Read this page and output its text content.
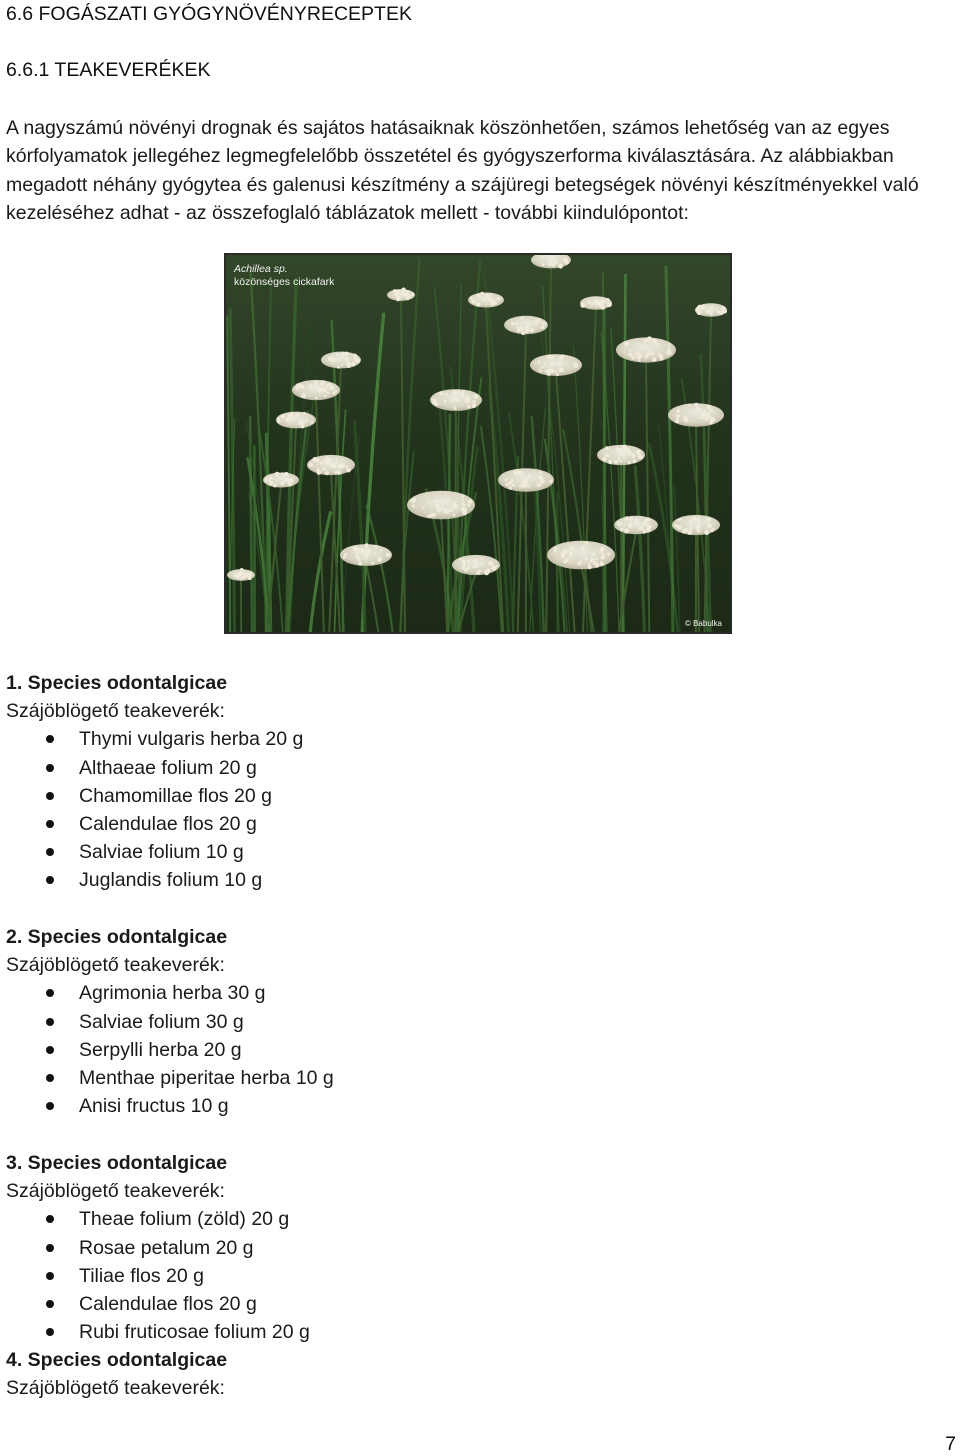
6.6 FOGÁSZATI GYÓGYNÖVÉNYRECEPTEK
6.6.1 TEAKEVERÉKEK

A nagyszámú növényi drognak és sajátos hatásaiknak köszönhetően, számos lehetőség van az egyes kórfolyamatok jellegéhez legmegfelelőbb összetétel és gyógyszerforma kiválasztására. Az alábbiakban megadott néhány gyógytea és galenusi készítmény a szájüregi betegségek növényi készítményekkel való kezeléséhez adhat - az összefoglaló táblázatok mellett - további kiindulópontot:

Achillea sp.
közönséges cickafark
© Babulka

1. Species odontalgicae

Szájöblögető teakeverék:

Thymi vulgaris herba 20 g
Althaeae folium 20 g
Chamomillae flos 20 g
Calendulae flos 20 g
Salviae folium 10 g
Juglandis folium 10 g

2. Species odontalgicae

Szájöblögető teakeverék:

Agrimonia herba 30 g
Salviae folium 30 g
Serpylli herba 20 g
Menthae piperitae herba 10 g
Anisi fructus 10 g

3. Species odontalgicae

Szájöblögető teakeverék:

Theae folium (zöld) 20 g
Rosae petalum 20 g
Tiliae flos 20 g
Calendulae flos 20 g
Rubi fruticosae folium 20 g

4. Species odontalgicae

Szájöblögető teakeverék:

7
